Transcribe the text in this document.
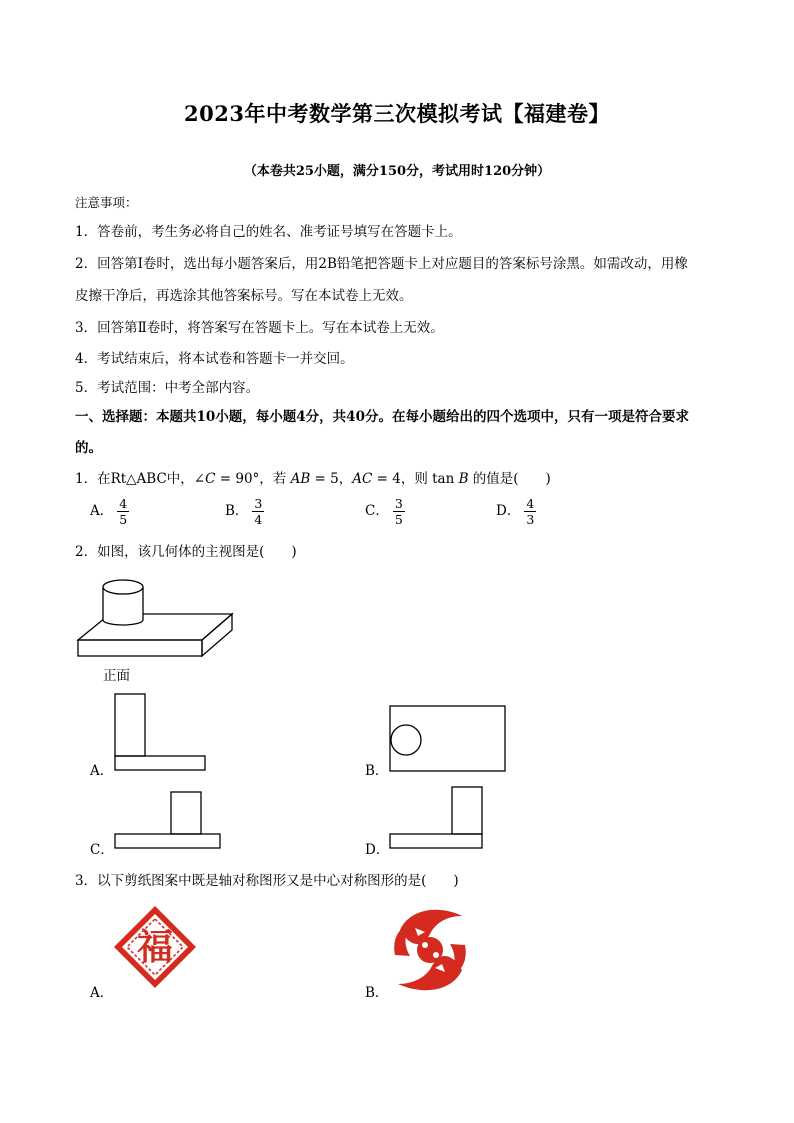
2023年中考数学第三次模拟考试【福建卷】
（本卷共25小题，满分150分，考试用时120分钟）
注意事项：
1．答卷前，考生务必将自己的姓名、准考证号填写在答题卡上。
2．回答第Ⅰ卷时，选出每小题答案后，用2B铅笔把答题卡上对应题目的答案标号涂黑。如需改动，用橡
皮擦干净后，再选涂其他答案标号。写在本试卷上无效。
3．回答第Ⅱ卷时，将答案写在答题卡上。写在本试卷上无效。
4．考试结束后，将本试卷和答题卡一并交回。
5．考试范围：中考全部内容。
一、选择题：本题共10小题，每小题4分，共40分。在每小题给出的四个选项中，只有一项是符合要求
的。
1．在Rt△ABC中，∠C = 90°，若 AB = 5，AC = 4，则 tan B 的值是(　　)
A． $\frac{4}{5}$	B． $\frac{3}{4}$	C． $\frac{3}{5}$	D． $\frac{4}{3}$
2．如图，该几何体的主视图是(　　)
正面
A．	B．
C．	D．
3．以下剪纸图案中既是轴对称图形又是中心对称图形的是(　　)
福
A．	B．
